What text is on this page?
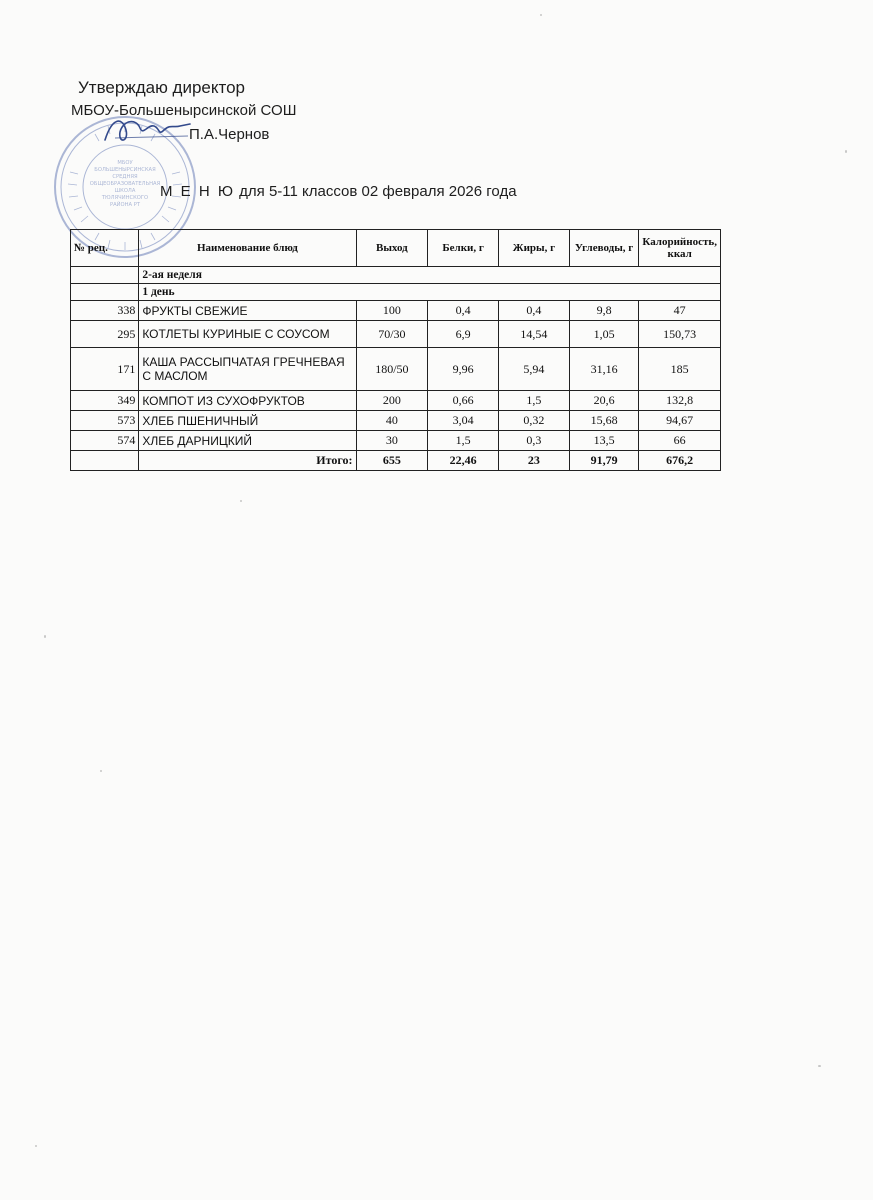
МБОУ
БОЛЬШЕНЫРСИНСКАЯ
СРЕДНЯЯ
ОБЩЕОБРАЗОВАТЕЛЬНАЯ
ШКОЛА
ТЮЛЯЧИНСКОГО
РАЙОНА РТ
Утверждаю директор
МБОУ-Большенырсинской СОШ
П.А.Чернов
М Е Н Ю для 5-11 классов 02 февраля 2026 года
№ рец.	Наименование блюд	Выход	Белки, г	Жиры, г	Углеводы, г	Калорийность, ккал
	2-ая неделя					
	1 день					
338	ФРУКТЫ СВЕЖИЕ	100	0,4	0,4	9,8	47
295	КОТЛЕТЫ КУРИНЫЕ С СОУСОМ	70/30	6,9	14,54	1,05	150,73
171	КАША РАССЫПЧАТАЯ ГРЕЧНЕВАЯ С МАСЛОМ	180/50	9,96	5,94	31,16	185
349	КОМПОТ ИЗ СУХОФРУКТОВ	200	0,66	1,5	20,6	132,8
573	ХЛЕБ ПШЕНИЧНЫЙ	40	3,04	0,32	15,68	94,67
574	ХЛЕБ ДАРНИЦКИЙ	30	1,5	0,3	13,5	66
	Итого:	655	22,46	23	91,79	676,2
